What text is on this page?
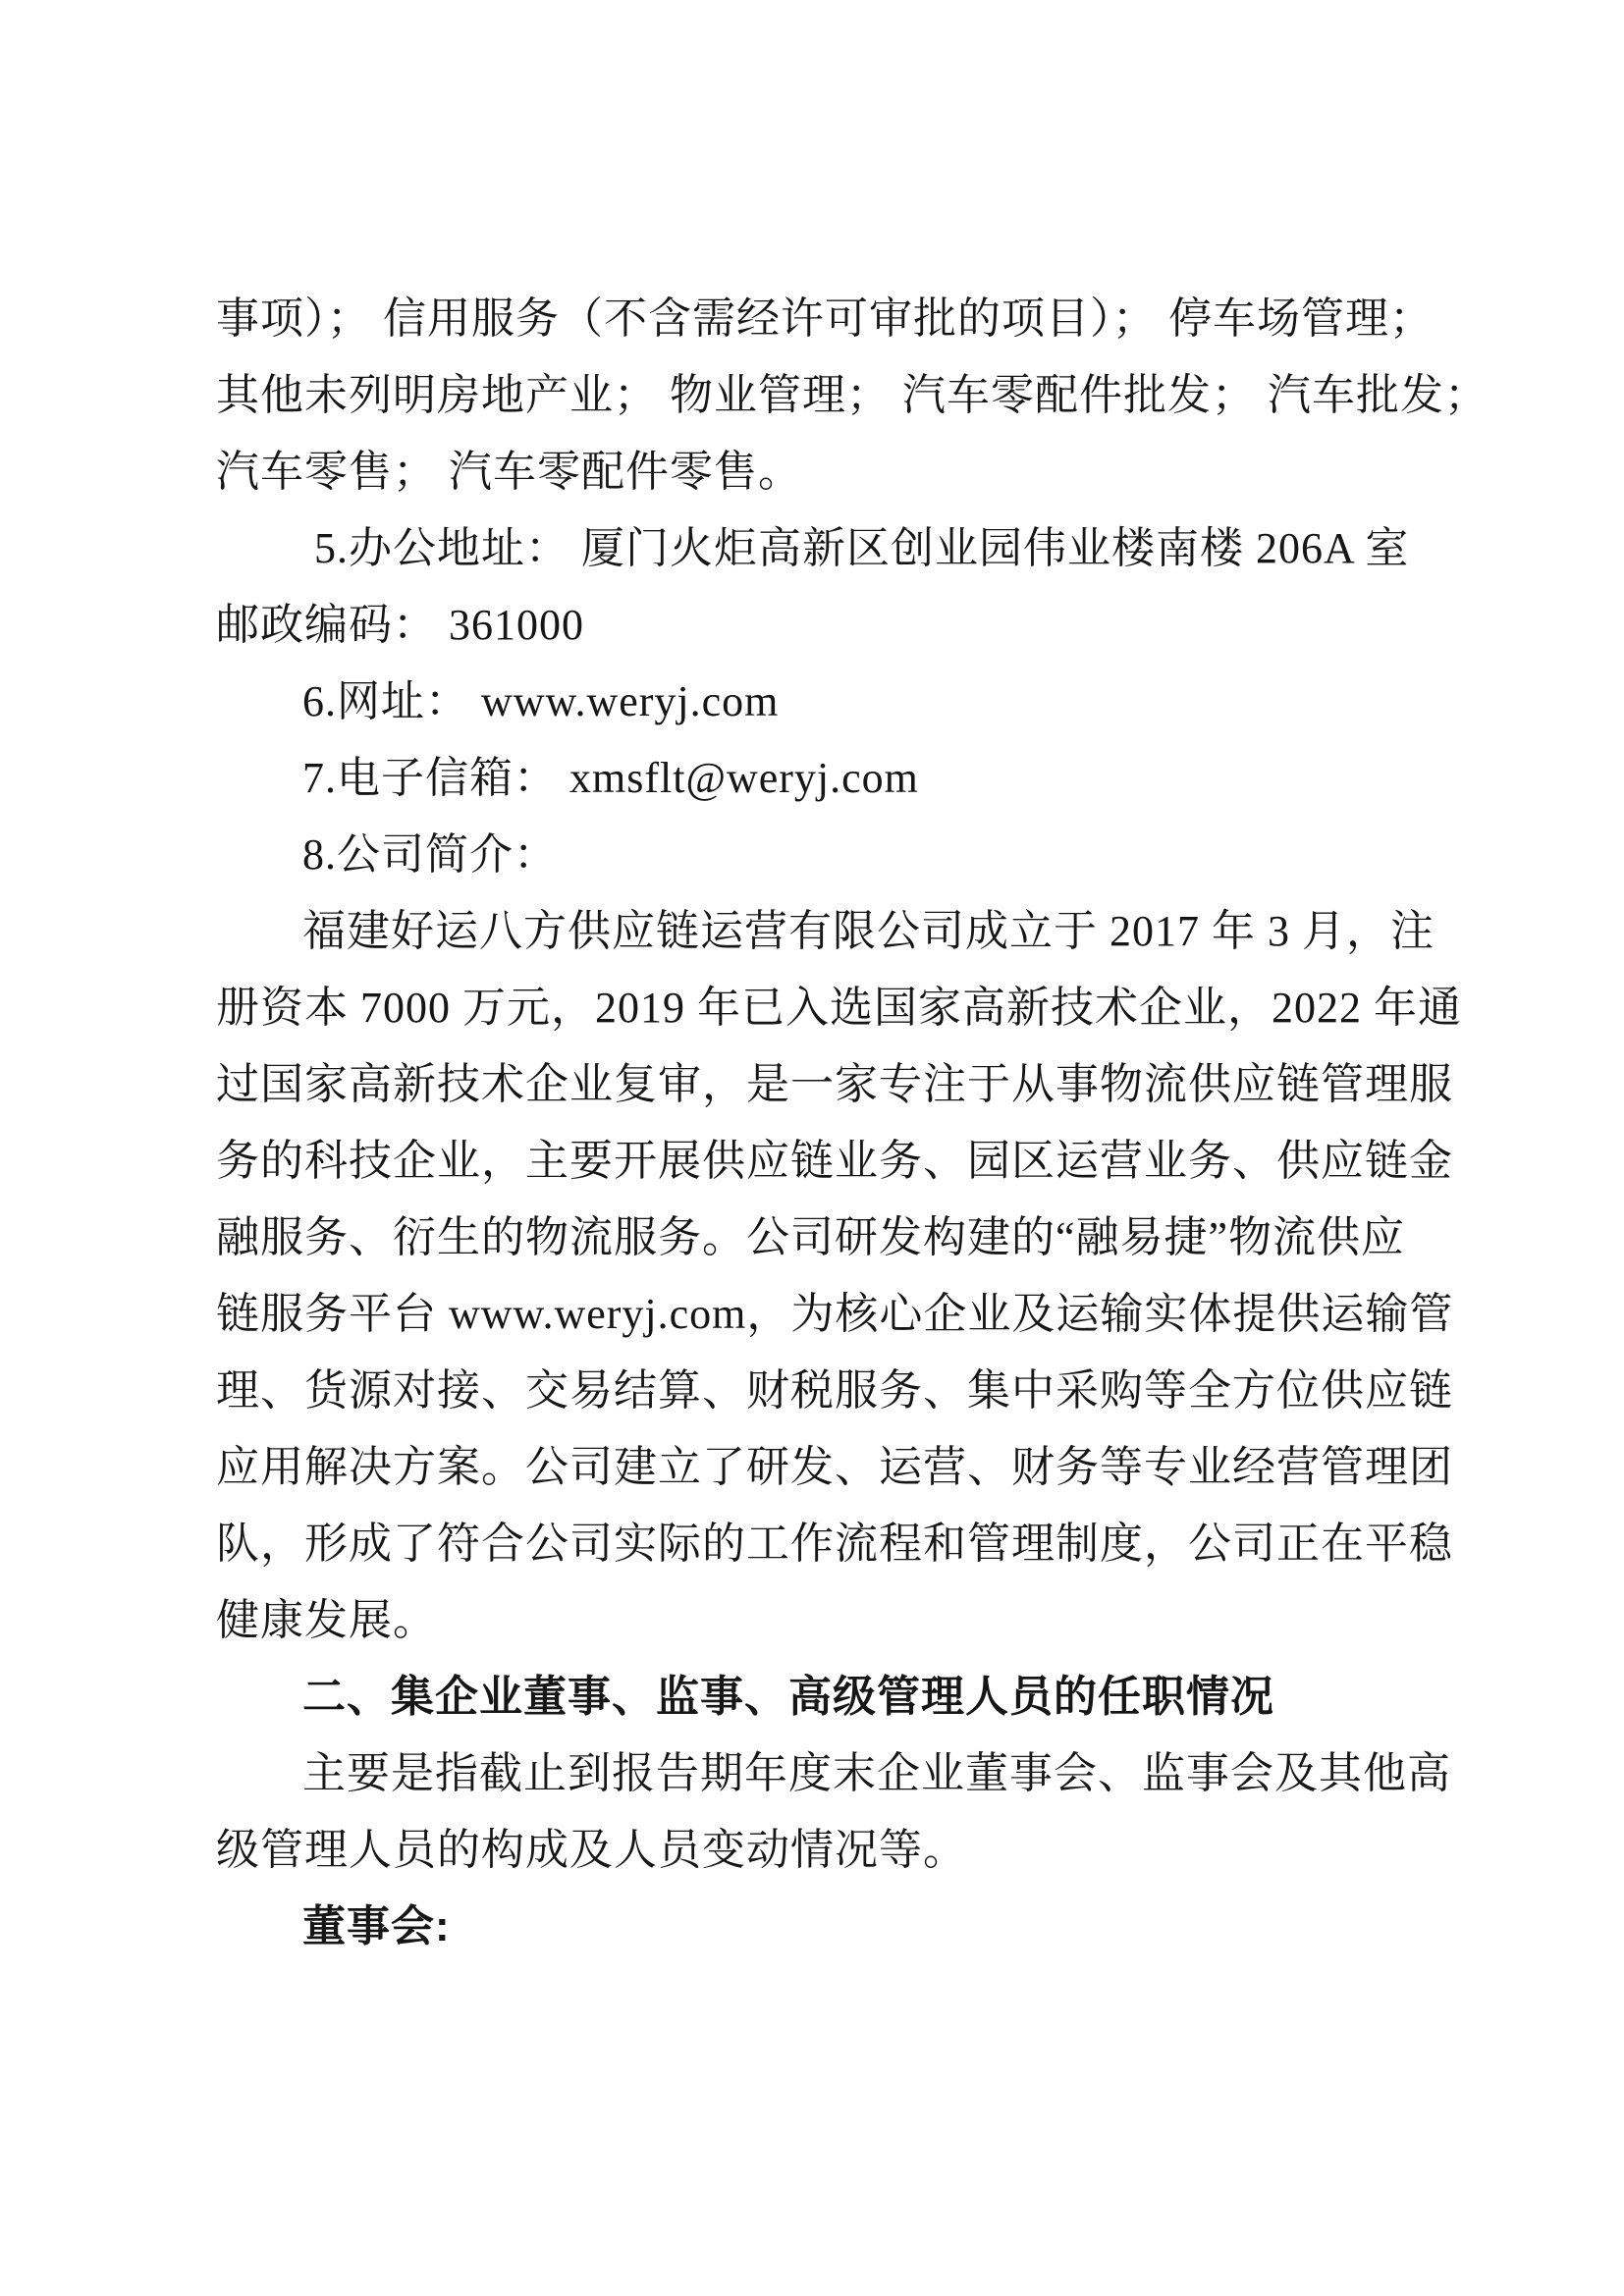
事项）； 信用服务（不含需经许可审批的项目）； 停车场管理；
其他未列明房地产业； 物业管理； 汽车零配件批发； 汽车批发；
汽车零售； 汽车零配件零售。
5.办公地址： 厦门火炬高新区创业园伟业楼南楼 206A 室
邮政编码： 361000
6.网址： www.weryj.com
7.电子信箱： xmsflt@weryj.com
8.公司简介：
福建好运八方供应链运营有限公司成立于 2017 年 3 月，注
册资本 7000 万元，2019 年已入选国家高新技术企业，2022 年通
过国家高新技术企业复审，是一家专注于从事物流供应链管理服
务的科技企业，主要开展供应链业务、园区运营业务、供应链金
融服务、衍生的物流服务。公司研发构建的“融易捷”物流供应
链服务平台 www.weryj.com，为核心企业及运输实体提供运输管
理、货源对接、交易结算、财税服务、集中采购等全方位供应链
应用解决方案。公司建立了研发、运营、财务等专业经营管理团
队，形成了符合公司实际的工作流程和管理制度，公司正在平稳
健康发展。
二、集企业董事、监事、高级管理人员的任职情况
主要是指截止到报告期年度末企业董事会、监事会及其他高
级管理人员的构成及人员变动情况等。
董事会:
